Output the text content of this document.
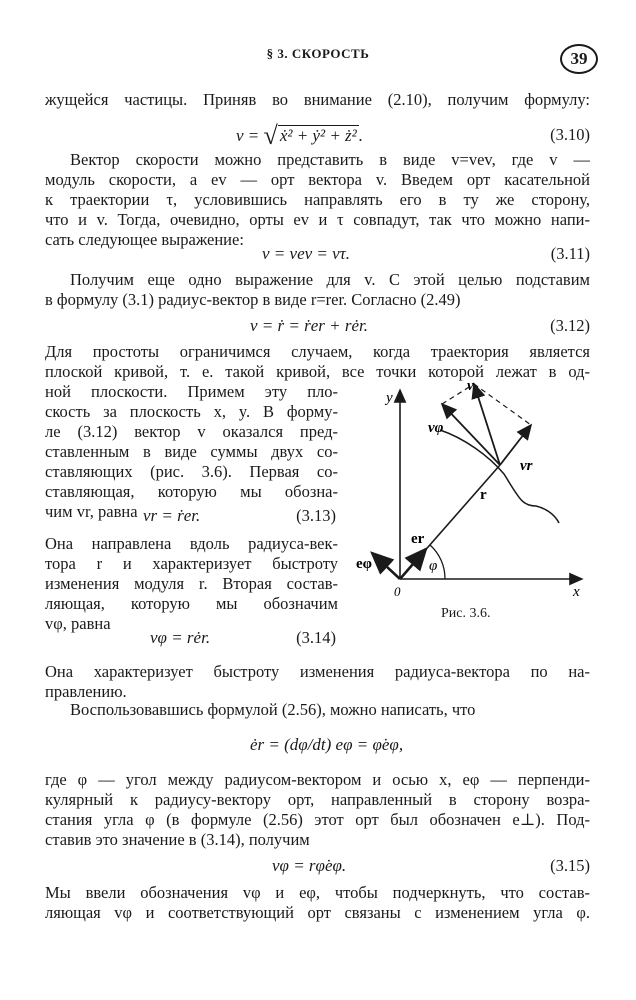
§ 3. СКОРОСТЬ	39
жущейся частицы. Приняв во внимание (2.10), получим формулу:
v = √ ẋ² + ẏ² + ż² .	(3.10)
Вектор скорости можно представить в виде v=vev, где v —
модуль скорости, а ev — орт вектора v. Введем орт касательной
к траектории τ, условившись направлять его в ту же сторону,
что и v. Тогда, очевидно, орты ev и τ совпадут, так что можно напи-
сать следующее выражение:
v = vev = vτ.	(3.11)
Получим еще одно выражение для v. С этой целью подставим
в формулу (3.1) радиус-вектор в виде r=rer. Согласно (2.49)
v = ṙ = ṙer + rėr.	(3.12)
Для простоты ограничимся случаем, когда траектория является
плоской кривой, т. е. такой кривой, все точки которой лежат в од-
ной плоскости. Примем эту пло-
скость за плоскость x, y. В форму-
ле (3.12) вектор v оказался пред-
ставленным в виде суммы двух со-
ставляющих (рис. 3.6). Первая со-
ставляющая, которую мы обозна-
чим vr, равна vr = ṙer.	(3.13)
Она направлена вдоль радиуса-век-
тора r и характеризует быстроту
изменения модуля r. Вторая состав-
ляющая, которую мы обозначим
vφ, равна
vφ = rėr.	(3.14)
y
x
0
v
vφ
vr
r
er
eφ	φ
Рис. 3.6.
Она характеризует быстроту изменения радиуса-вектора по на-
правлению.
Воспользовавшись формулой (2.56), можно написать, что
ėr = (dφ/dt) eφ = φ̇eφ,
где φ — угол между радиусом-вектором и осью x, eφ — перпенди-
кулярный к радиусу-вектору орт, направленный в сторону возра-
стания угла φ (в формуле (2.56) этот орт был обозначен e⊥). Под-
ставив это значение в (3.14), получим
vφ = rφ̇eφ.	(3.15)
Мы ввели обозначения vφ и eφ, чтобы подчеркнуть, что состав-
ляющая vφ и соответствующий орт связаны с изменением угла φ.
